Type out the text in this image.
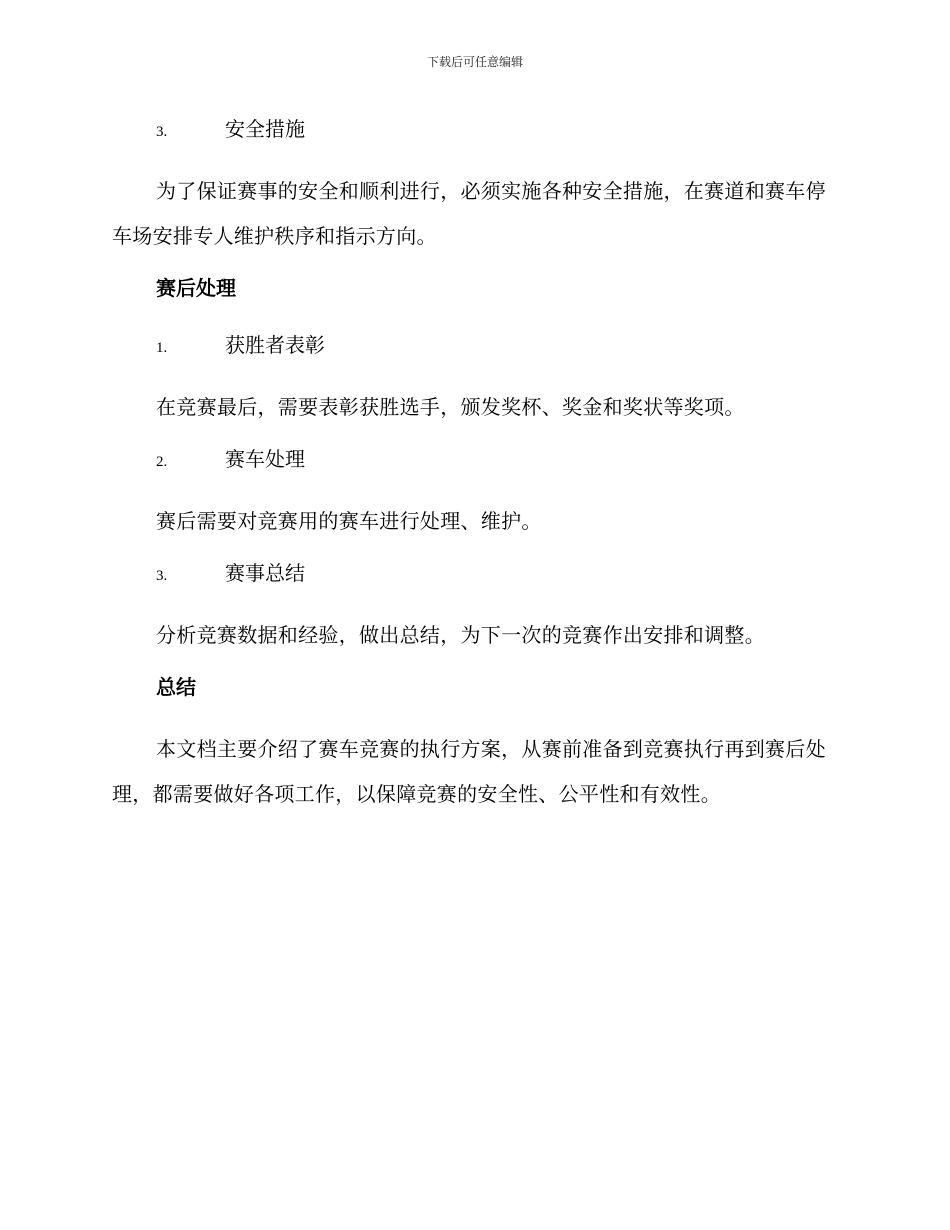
下载后可任意编辑
3.	安全措施

为了保证赛事的安全和顺利进行，必须实施各种安全措施，在赛道和赛车停车场安排专人维护秩序和指示方向。

赛后处理
1.	获胜者表彰

在竞赛最后，需要表彰获胜选手，颁发奖杯、奖金和奖状等奖项。

2.	赛车处理

赛后需要对竞赛用的赛车进行处理、维护。

3.	赛事总结

分析竞赛数据和经验，做出总结，为下一次的竞赛作出安排和调整。

总结

本文档主要介绍了赛车竞赛的执行方案，从赛前准备到竞赛执行再到赛后处理，都需要做好各项工作，以保障竞赛的安全性、公平性和有效性。
